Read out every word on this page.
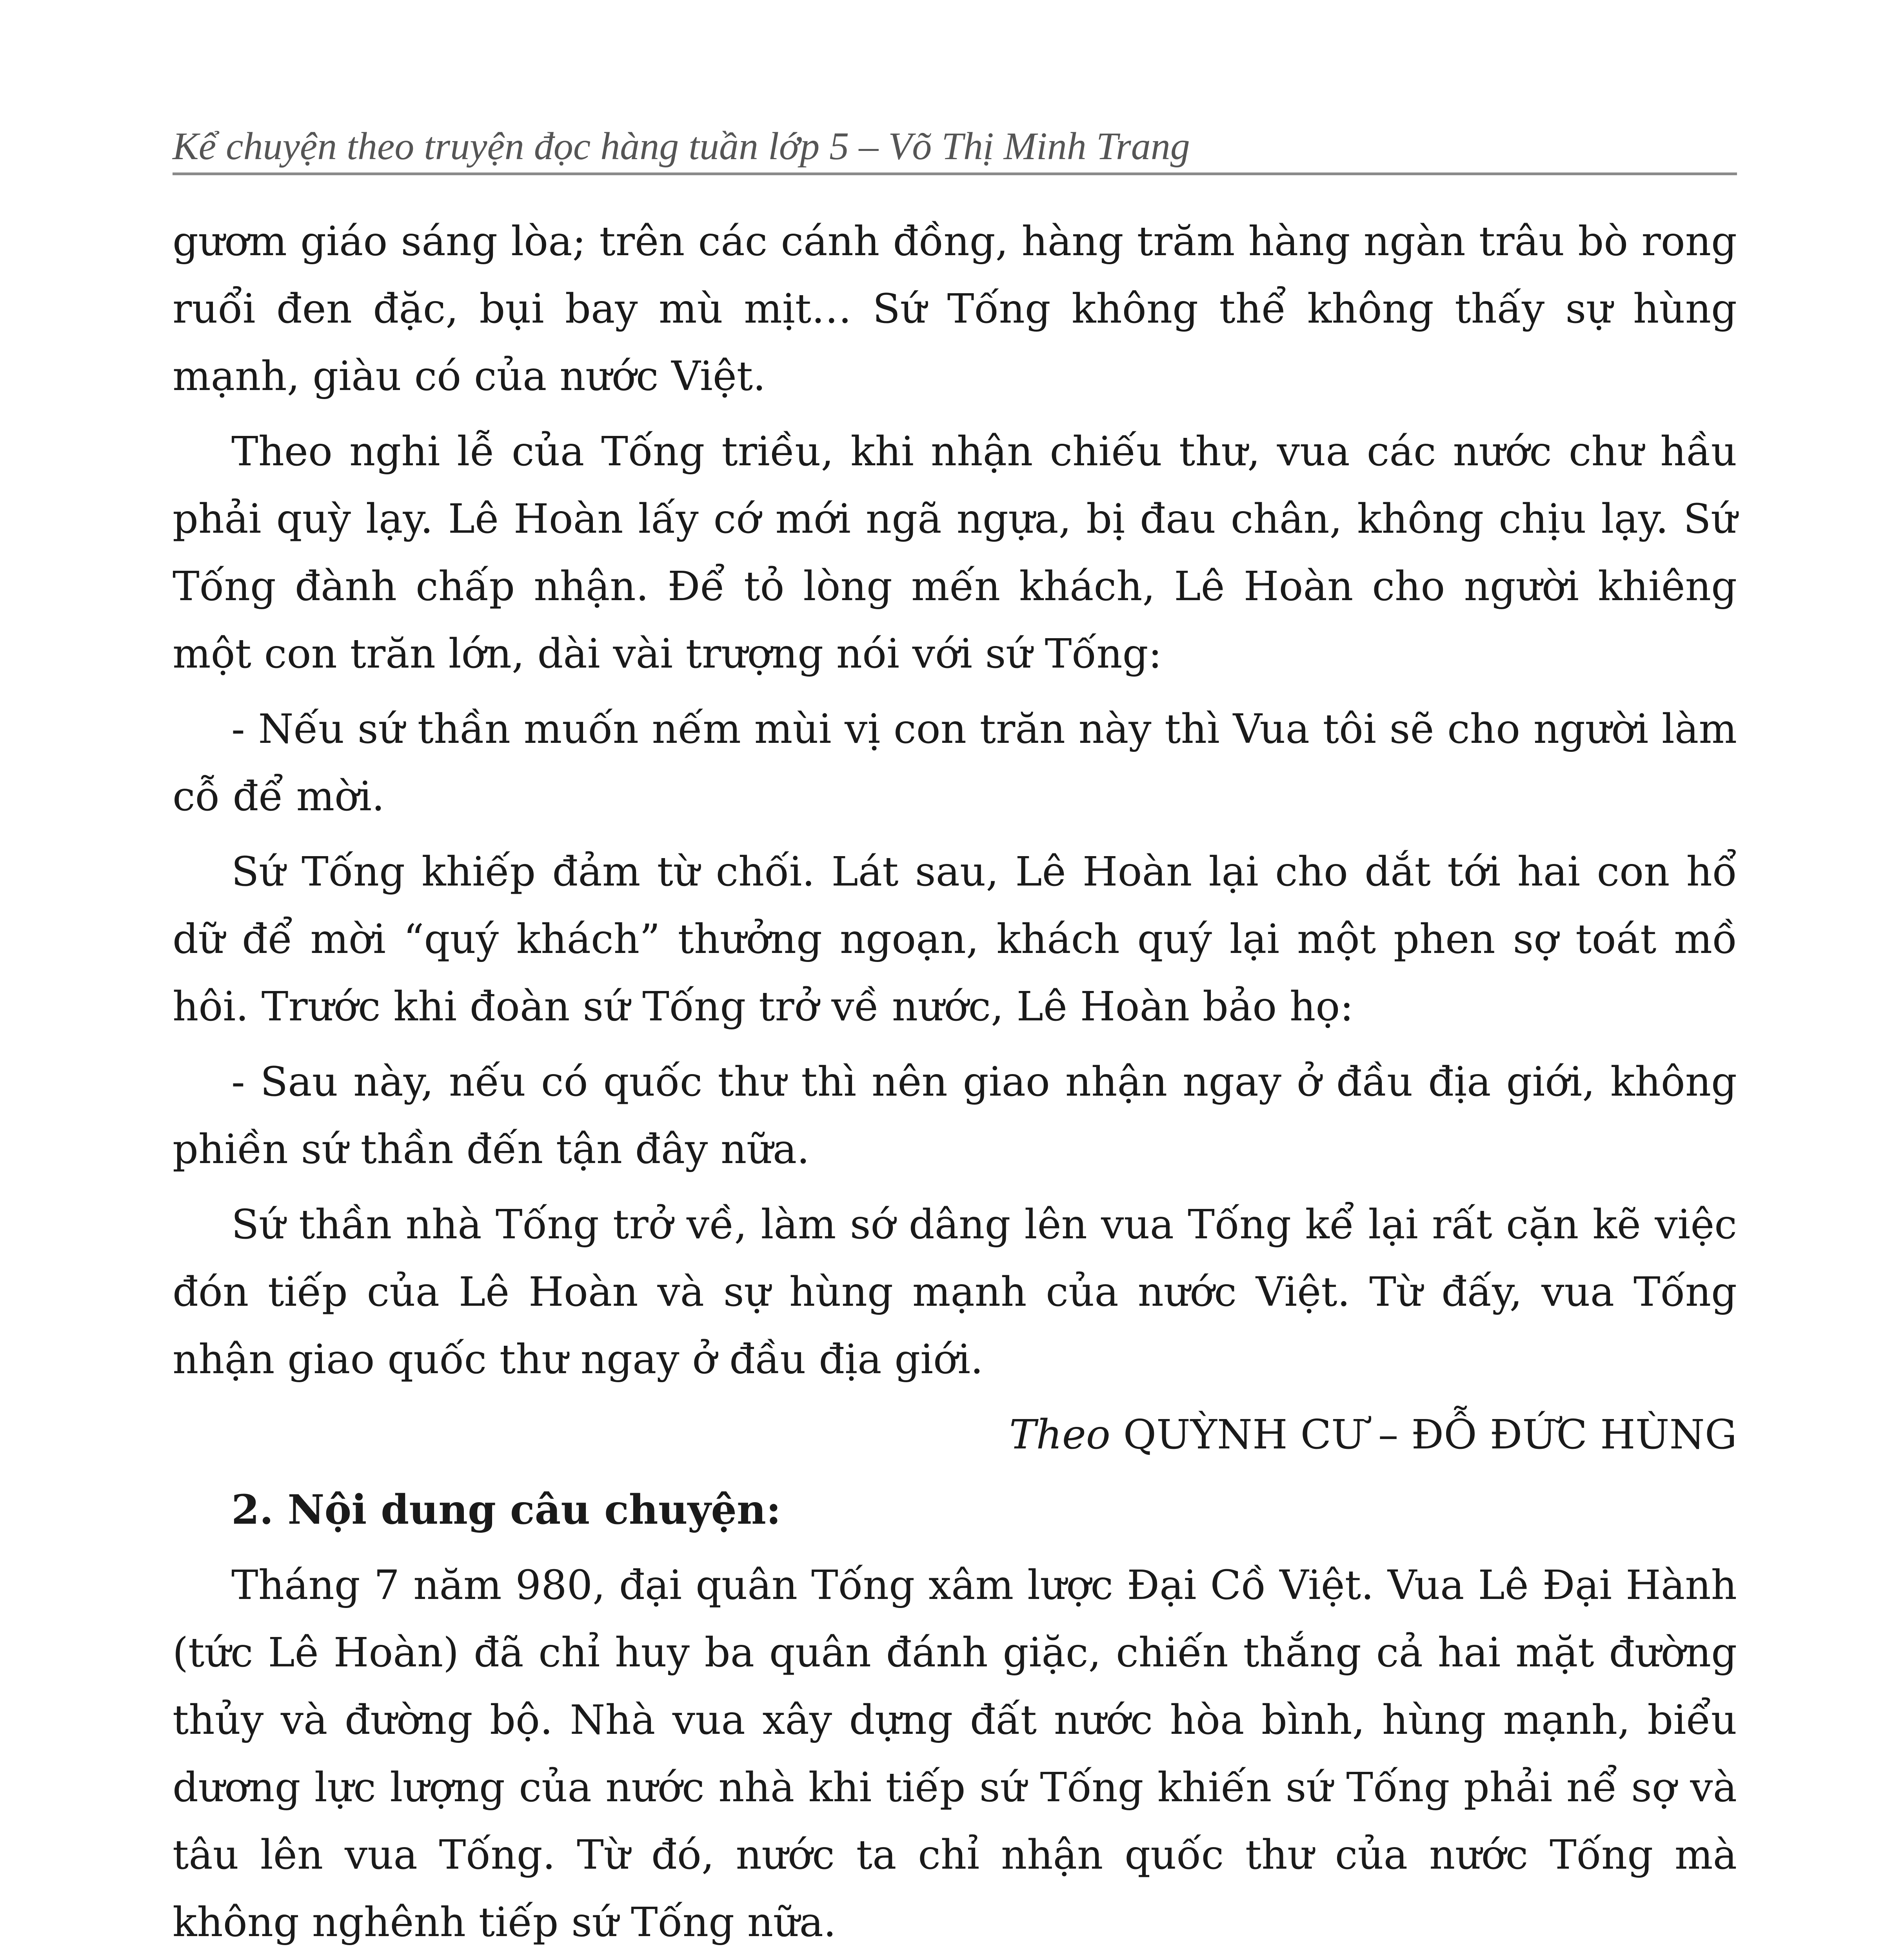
Kể chuyện theo truyện đọc hàng tuần lớp 5 – Võ Thị Minh Trang

gươm giáo sáng lòa; trên các cánh đồng, hàng trăm hàng ngàn trâu bò rong ruổi đen đặc, bụi bay mù mịt… Sứ Tống không thể không thấy sự hùng mạnh, giàu có của nước Việt.

Theo nghi lễ của Tống triều, khi nhận chiếu thư, vua các nước chư hầu phải quỳ lạy. Lê Hoàn lấy cớ mới ngã ngựa, bị đau chân, không chịu lạy. Sứ Tống đành chấp nhận. Để tỏ lòng mến khách, Lê Hoàn cho người khiêng một con trăn lớn, dài vài trượng nói với sứ Tống:

- Nếu sứ thần muốn nếm mùi vị con trăn này thì Vua tôi sẽ cho người làm cỗ để mời.

Sứ Tống khiếp đảm từ chối. Lát sau, Lê Hoàn lại cho dắt tới hai con hổ dữ để mời “quý khách” thưởng ngoạn, khách quý lại một phen sợ toát mồ hôi. Trước khi đoàn sứ Tống trở về nước, Lê Hoàn bảo họ:

- Sau này, nếu có quốc thư thì nên giao nhận ngay ở đầu địa giới, không phiền sứ thần đến tận đây nữa.

Sứ thần nhà Tống trở về, làm sớ dâng lên vua Tống kể lại rất cặn kẽ việc đón tiếp của Lê Hoàn và sự hùng mạnh của nước Việt. Từ đấy, vua Tống nhận giao quốc thư ngay ở đầu địa giới.

Theo QUỲNH CƯ – ĐỖ ĐỨC HÙNG

2. Nội dung câu chuyện:

Tháng 7 năm 980, đại quân Tống xâm lược Đại Cồ Việt. Vua Lê Đại Hành (tức Lê Hoàn) đã chỉ huy ba quân đánh giặc, chiến thắng cả hai mặt đường thủy và đường bộ. Nhà vua xây dựng đất nước hòa bình, hùng mạnh, biểu dương lực lượng của nước nhà khi tiếp sứ Tống khiến sứ Tống phải nể sợ và tâu lên vua Tống. Từ đó, nước ta chỉ nhận quốc thư của nước Tống mà không nghênh tiếp sứ Tống nữa.
